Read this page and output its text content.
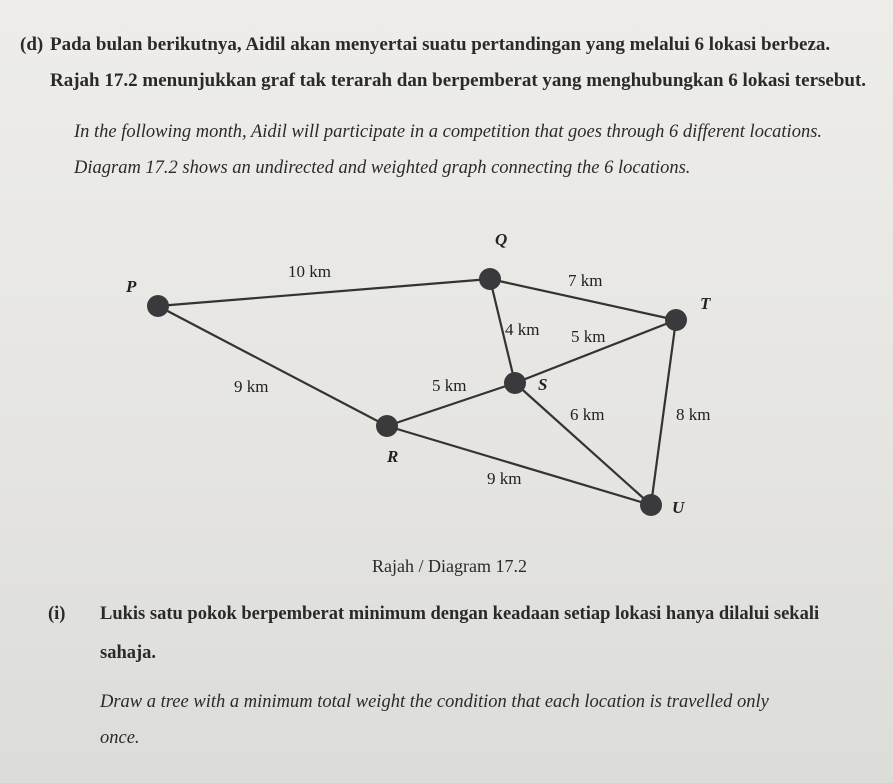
(d) Pada bulan berikutnya, Aidil akan menyertai suatu pertandingan yang melalui 6 lokasi berbeza.
Rajah 17.2 menunjukkan graf tak terarah dan berpemberat yang menghubungkan 6 lokasi tersebut.
In the following month, Aidil will participate in a competition that goes through 6 different locations.
Diagram 17.2 shows an undirected and weighted graph connecting the 6 locations.
10 km
9 km
7 km
4 km 5 km
5 km
6 km	8 km
9 km
P
Q
R
S
T
U
Rajah / Diagram 17.2
(i) Lukis satu pokok berpemberat minimum dengan keadaan setiap lokasi hanya dilalui sekali
sahaja.
Draw a tree with a minimum total weight the condition that each location is travelled only
once.
